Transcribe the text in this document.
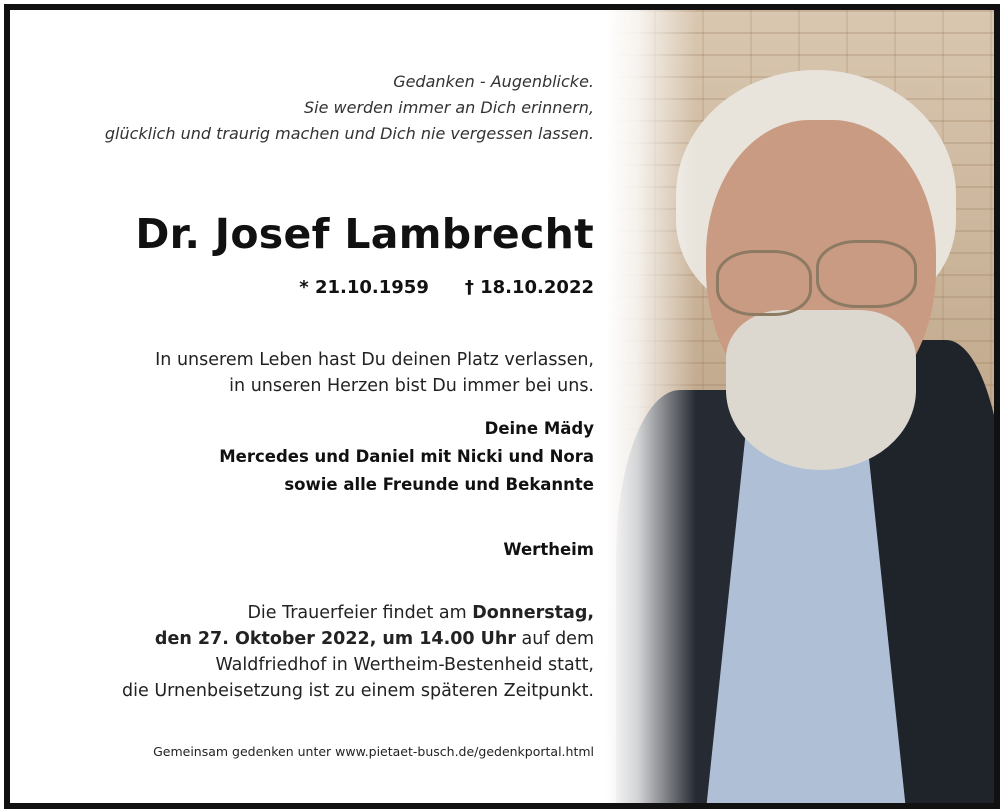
Gedanken - Augenblicke.
Sie werden immer an Dich erinnern,
glücklich und traurig machen und Dich nie vergessen lassen.
Dr. Josef Lambrecht
* 21.10.1959 † 18.10.2022
In unserem Leben hast Du deinen Platz verlassen,
in unseren Herzen bist Du immer bei uns.
Deine Mädy
Mercedes und Daniel mit Nicki und Nora
sowie alle Freunde und Bekannte
Wertheim
Die Trauerfeier findet am Donnerstag,
den 27. Oktober 2022, um 14.00 Uhr auf dem
Waldfriedhof in Wertheim-Bestenheid statt,
die Urnenbeisetzung ist zu einem späteren Zeitpunkt.
Gemeinsam gedenken unter www.pietaet-busch.de/gedenkportal.html
